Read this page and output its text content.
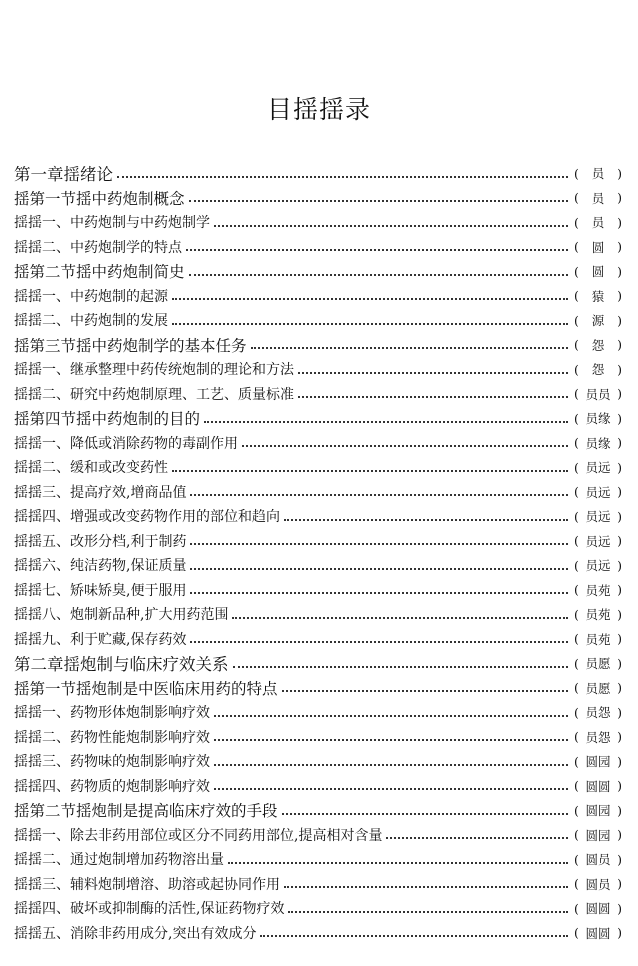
目揺揺录
第一章揺绪论	(	员	)
揺第一节揺中药炮制概念	(	员	)
揺揺一、中药炮制与中药炮制学	(	员	)
揺揺二、中药炮制学的特点	(	圆	)
揺第二节揺中药炮制简史	(	圆	)
揺揺一、中药炮制的起源	(	猿	)
揺揺二、中药炮制的发展	(	源	)
揺第三节揺中药炮制学的基本任务	(	怨	)
揺揺一、继承整理中药传统炮制的理论和方法	(	怨	)
揺揺二、研究中药炮制原理、工艺、质量标准	( 员员 )
揺第四节揺中药炮制的目的	( 员缘 )
揺揺一、降低或消除药物的毒副作用	( 员缘 )
揺揺二、缓和或改变药性	( 员远 )
揺揺三、提高疗效,增商品值	( 员远 )
揺揺四、增强或改变药物作用的部位和趋向	( 员远 )
揺揺五、改形分档,利于制药	( 员远 )
揺揺六、纯洁药物,保证质量	( 员远 )
揺揺七、矫味矫臭,便于服用	( 员苑 )
揺揺八、炮制新品种,扩大用药范围	( 员苑 )
揺揺九、利于贮藏,保存药效	( 员苑 )
第二章揺炮制与临床疗效关系	( 员愿 )
揺第一节揺炮制是中医临床用药的特点	( 员愿 )
揺揺一、药物形体炮制影响疗效	( 员怨 )
揺揺二、药物性能炮制影响疗效	( 员怨 )
揺揺三、药物味的炮制影响疗效	( 圆园 )
揺揺四、药物质的炮制影响疗效	( 圆圆 )
揺第二节揺炮制是提高临床疗效的手段	( 圆园 )
揺揺一、除去非药用部位或区分不同药用部位,提高相对含量	( 圆园 )
揺揺二、通过炮制增加药物溶出量	( 圆员 )
揺揺三、辅料炮制增溶、助溶或起协同作用	( 圆员 )
揺揺四、破坏或抑制酶的活性,保证药物疗效	( 圆圆 )
揺揺五、消除非药用成分,突出有效成分	( 圆圆 )
